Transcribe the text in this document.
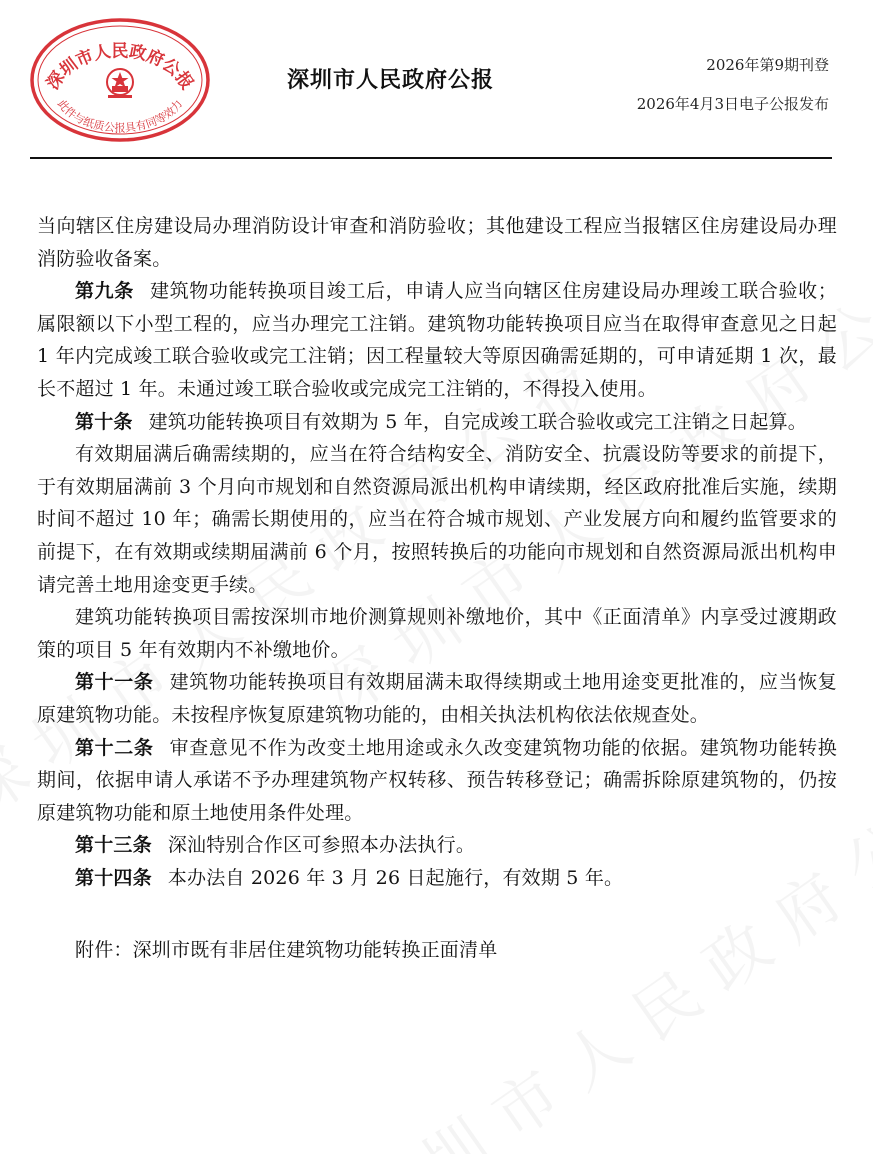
深圳市人民政府公报
此件与纸质公报具有同等效力
深圳市人民政府公报
2026年第9期刊登
2026年4月3日电子公报发布

当向辖区住房建设局办理消防设计审查和消防验收；其他建设工程应当报辖区住房建设局办理消防验收备案。

第九条 建筑物功能转换项目竣工后，申请人应当向辖区住房建设局办理竣工联合验收；属限额以下小型工程的，应当办理完工注销。建筑物功能转换项目应当在取得审查意见之日起 1 年内完成竣工联合验收或完工注销；因工程量较大等原因确需延期的，可申请延期 1 次，最长不超过 1 年。未通过竣工联合验收或完成完工注销的，不得投入使用。

第十条 建筑功能转换项目有效期为 5 年，自完成竣工联合验收或完工注销之日起算。

有效期届满后确需续期的，应当在符合结构安全、消防安全、抗震设防等要求的前提下，于有效期届满前 3 个月向市规划和自然资源局派出机构申请续期，经区政府批准后实施，续期时间不超过 10 年；确需长期使用的，应当在符合城市规划、产业发展方向和履约监管要求的前提下，在有效期或续期届满前 6 个月，按照转换后的功能向市规划和自然资源局派出机构申请完善土地用途变更手续。

建筑功能转换项目需按深圳市地价测算规则补缴地价，其中《正面清单》内享受过渡期政策的项目 5 年有效期内不补缴地价。

第十一条 建筑物功能转换项目有效期届满未取得续期或土地用途变更批准的，应当恢复原建筑物功能。未按程序恢复原建筑物功能的，由相关执法机构依法依规查处。

第十二条 审查意见不作为改变土地用途或永久改变建筑物功能的依据。建筑物功能转换期间，依据申请人承诺不予办理建筑物产权转移、预告转移登记；确需拆除原建筑物的，仍按原建筑物功能和原土地使用条件处理。

第十三条 深汕特别合作区可参照本办法执行。

第十四条 本办法自 2026 年 3 月 26 日起施行，有效期 5 年。

附件：深圳市既有非居住建筑物功能转换正面清单
